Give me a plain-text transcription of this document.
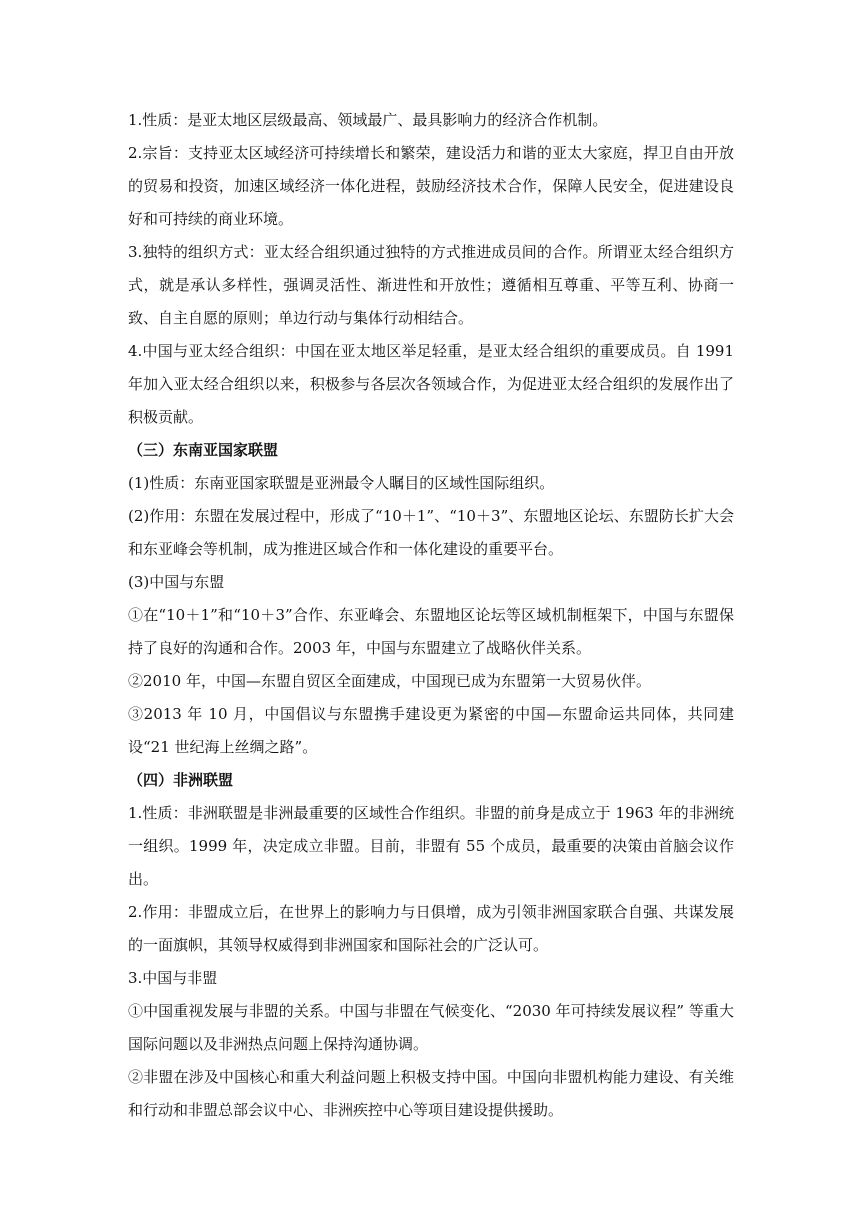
1.性质：是亚太地区层级最高、领域最广、最具影响力的经济合作机制。

2.宗旨：支持亚太区域经济可持续增长和繁荣，建设活力和谐的亚太大家庭，捍卫自由开放的贸易和投资，加速区域经济一体化进程，鼓励经济技术合作，保障人民安全，促进建设良好和可持续的商业环境。

3.独特的组织方式：亚太经合组织通过独特的方式推进成员间的合作。所谓亚太经合组织方式，就是承认多样性，强调灵活性、渐进性和开放性；遵循相互尊重、平等互利、协商一致、自主自愿的原则；单边行动与集体行动相结合。

4.中国与亚太经合组织：中国在亚太地区举足轻重，是亚太经合组织的重要成员。自 1991 年加入亚太经合组织以来，积极参与各层次各领域合作，为促进亚太经合组织的发展作出了积极贡献。

（三）东南亚国家联盟

(1)性质：东南亚国家联盟是亚洲最令人瞩目的区域性国际组织。

(2)作用：东盟在发展过程中，形成了“10＋1”、“10＋3”、东盟地区论坛、东盟防长扩大会和东亚峰会等机制，成为推进区域合作和一体化建设的重要平台。

(3)中国与东盟

①在“10＋1”和“10＋3”合作、东亚峰会、东盟地区论坛等区域机制框架下，中国与东盟保持了良好的沟通和合作。2003 年，中国与东盟建立了战略伙伴关系。

②2010 年，中国—东盟自贸区全面建成，中国现已成为东盟第一大贸易伙伴。

③2013 年 10 月，中国倡议与东盟携手建设更为紧密的中国—东盟命运共同体，共同建设“21 世纪海上丝绸之路”。

（四）非洲联盟

1.性质：非洲联盟是非洲最重要的区域性合作组织。非盟的前身是成立于 1963 年的非洲统一组织。1999 年，决定成立非盟。目前，非盟有 55 个成员，最重要的决策由首脑会议作出。

2.作用：非盟成立后，在世界上的影响力与日俱增，成为引领非洲国家联合自强、共谋发展的一面旗帜，其领导权威得到非洲国家和国际社会的广泛认可。

3.中国与非盟

①中国重视发展与非盟的关系。中国与非盟在气候变化、“2030 年可持续发展议程” 等重大国际问题以及非洲热点问题上保持沟通协调。

②非盟在涉及中国核心和重大利益问题上积极支持中国。中国向非盟机构能力建设、有关维和行动和非盟总部会议中心、非洲疾控中心等项目建设提供援助。
